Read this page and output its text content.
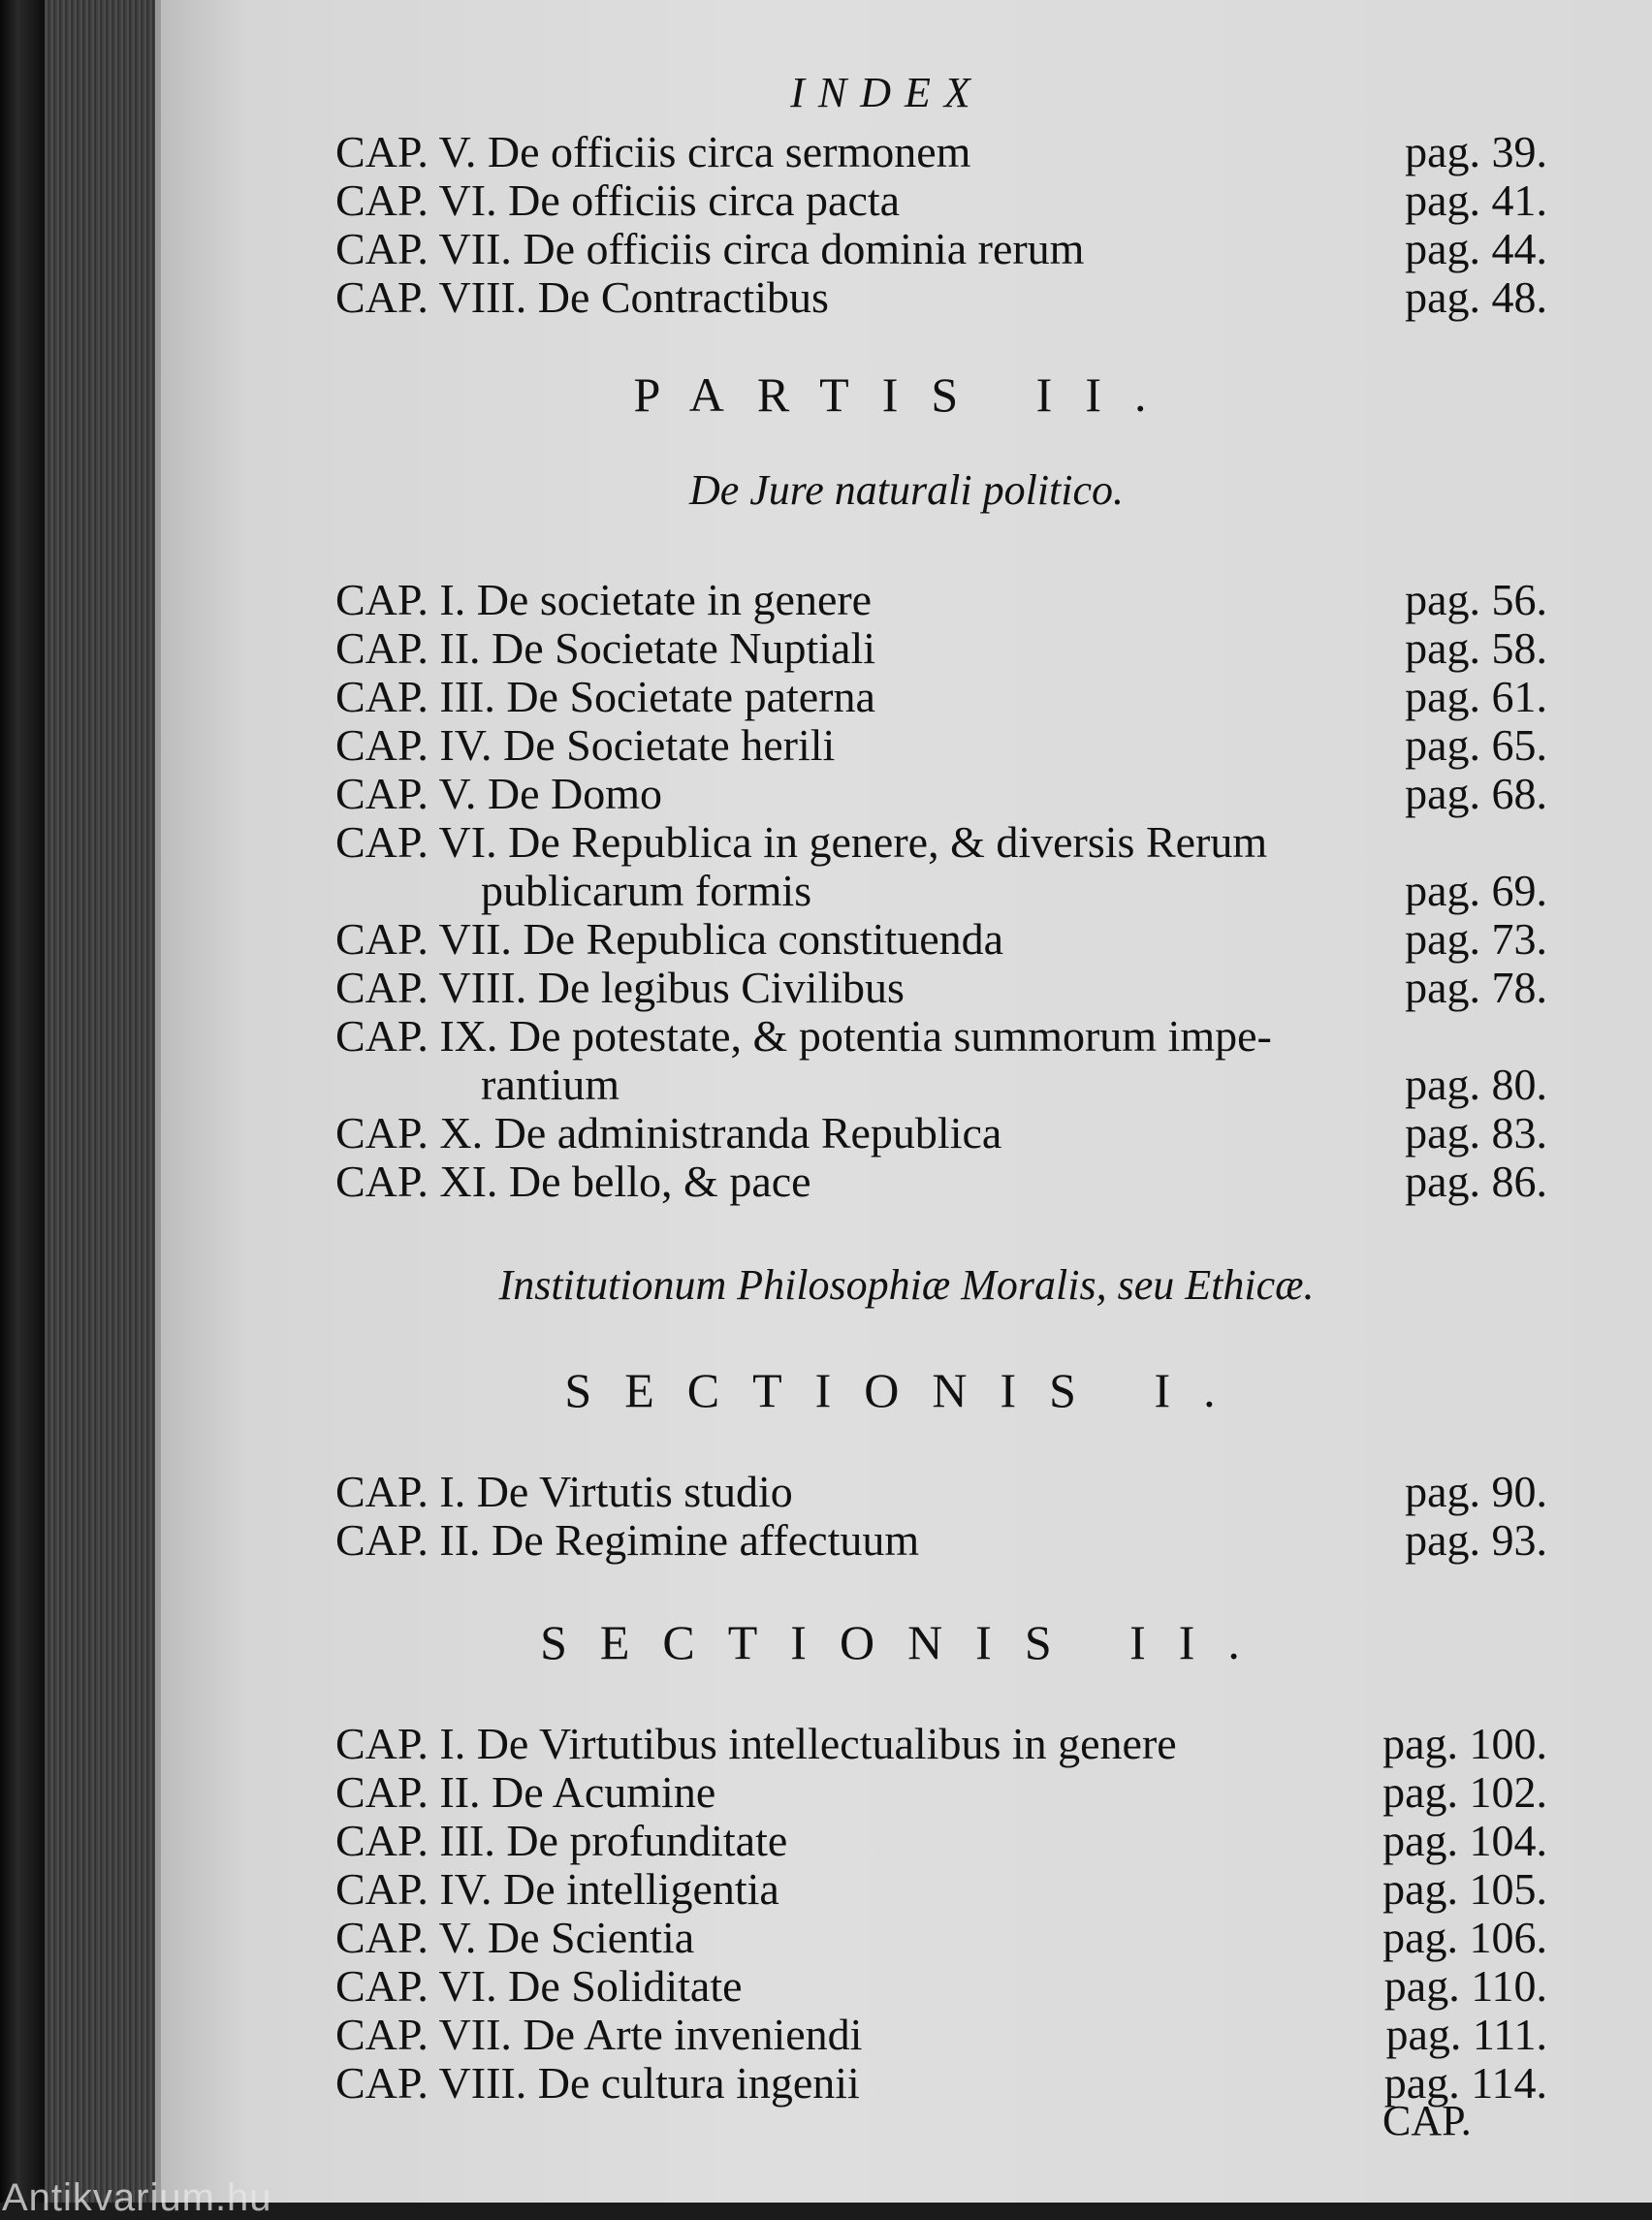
INDEX
CAP. V. De officiis circa sermonem	pag. 39.
CAP. VI. De officiis circa pacta	pag. 41.
CAP. VII. De officiis circa dominia rerum	pag. 44.
CAP. VIII. De Contractibus	pag. 48.
PARTIS II.
De Jure naturali politico.
CAP. I. De societate in genere	pag. 56.
CAP. II. De Societate Nuptiali	pag. 58.
CAP. III. De Societate paterna	pag. 61.
CAP. IV. De Societate herili	pag. 65.
CAP. V. De Domo	pag. 68.
CAP. VI. De Republica in genere, & diversis Rerum
publicarum formis	pag. 69.
CAP. VII. De Republica constituenda	pag. 73.
CAP. VIII. De legibus Civilibus	pag. 78.
CAP. IX. De potestate, & potentia summorum impe-
rantium	pag. 80.
CAP. X. De administranda Republica	pag. 83.
CAP. XI. De bello, & pace	pag. 86.
Institutionum Philosophiæ Moralis, seu Ethicæ.
SECTIONIS I.
CAP. I. De Virtutis studio	pag. 90.
CAP. II. De Regimine affectuum	pag. 93.
SECTIONIS II.
CAP. I. De Virtutibus intellectualibus in genere	pag. 100.
CAP. II. De Acumine	pag. 102.
CAP. III. De profunditate	pag. 104.
CAP. IV. De intelligentia	pag. 105.
CAP. V. De Scientia	pag. 106.
CAP. VI. De Soliditate	pag. 110.
CAP. VII. De Arte inveniendi	pag. 111.
CAP. VIII. De cultura ingenii	pag. 114.
CAP.
Antikvarium.hu
